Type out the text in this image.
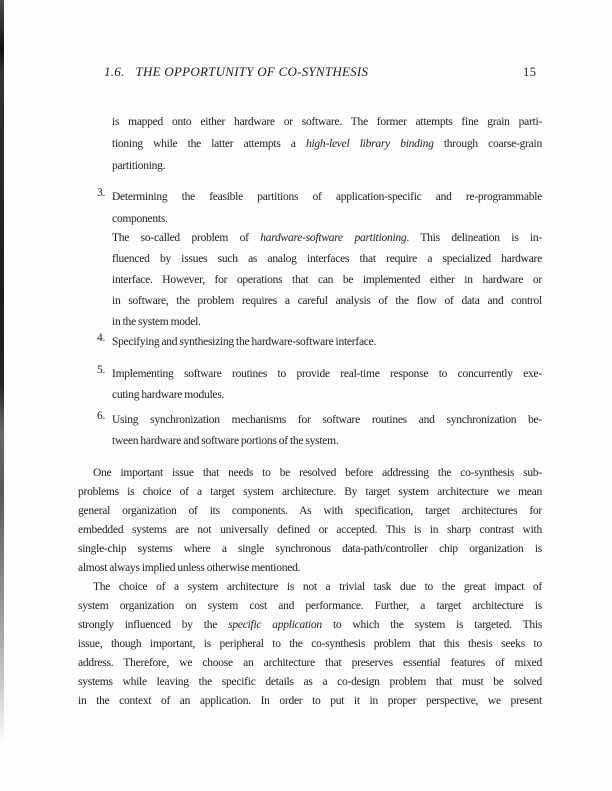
1.6. THE OPPORTUNITY OF CO-SYNTHESIS	15
is mapped onto either hardware or software. The former attempts fine grain parti-
tioning while the latter attempts a high-level library binding through coarse-grain
partitioning.
3. Determining the feasible partitions of application-specific and re-programmable
components.
The so-called problem of hardware-software partitioning. This delineation is in-
fluenced by issues such as analog interfaces that require a specialized hardware
interface. However, for operations that can be implemented either in hardware or
in software, the problem requires a careful analysis of the flow of data and control
in the system model.
4. Specifying and synthesizing the hardware-software interface.
5. Implementing software routines to provide real-time response to concurrently exe-
cuting hardware modules.
6. Using synchronization mechanisms for software routines and synchronization be-
tween hardware and software portions of the system.
One important issue that needs to be resolved before addressing the co-synthesis sub-
problems is choice of a target system architecture. By target system architecture we mean
general organization of its components. As with specification, target architectures for
embedded systems are not universally defined or accepted. This is in sharp contrast with
single-chip systems where a single synchronous data-path/controller chip organization is
almost always implied unless otherwise mentioned.
The choice of a system architecture is not a trivial task due to the great impact of
system organization on system cost and performance. Further, a target architecture is
strongly influenced by the specific application to which the system is targeted. This
issue, though important, is peripheral to the co-synthesis problem that this thesis seeks to
address. Therefore, we choose an architecture that preserves essential features of mixed
systems while leaving the specific details as a co-design problem that must be solved
in the context of an application. In order to put it in proper perspective, we present
